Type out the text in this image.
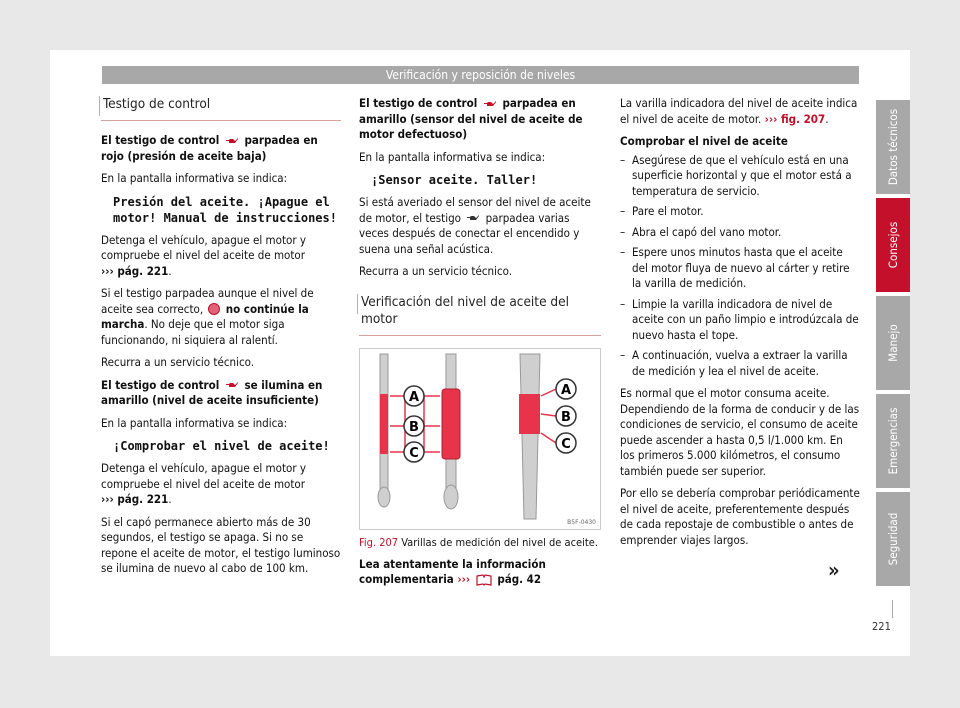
Verificación y reposición de niveles
Testigo de control

El testigo de control  parpadea en rojo (presión de aceite baja)

En la pantalla informativa se indica:

Presión del aceite. ¡Apague el motor! Manual de instrucciones!

Detenga el vehículo, apague el motor y compruebe el nivel del aceite de motor
››› pág. 221.

Si el testigo parpadea aunque el nivel de aceite sea correcto,  no continúe la marcha. No deje que el motor siga funcionando, ni siquiera al ralentí.

Recurra a un servicio técnico.

El testigo de control  se ilumina en amarillo (nivel de aceite insuficiente)

En la pantalla informativa se indica:

¡Comprobar el nivel de aceite!

Detenga el vehículo, apague el motor y compruebe el nivel del aceite de motor
››› pág. 221.

Si el capó permanece abierto más de 30 segundos, el testigo se apaga. Si no se repone el aceite de motor, el testigo luminoso se ilumina de nuevo al cabo de 100 km.

El testigo de control  parpadea en amarillo (sensor del nivel de aceite de motor defectuoso)

En la pantalla informativa se indica:

¡Sensor aceite. Taller!

Si está averiado el sensor del nivel de aceite de motor, el testigo  parpadea varias veces después de conectar el encendido y suena una señal acústica.

Recurra a un servicio técnico.

Verificación del nivel de aceite del motor
A
B
C
A
B
C
B5F-0430

Fig. 207 Varillas de medición del nivel de aceite.

Lea atentamente la información complementaria ›››  pág. 42

La varilla indicadora del nivel de aceite indica el nivel de aceite de motor. ››› fig. 207.

Comprobar el nivel de aceite

– Asegúrese de que el vehículo está en una superficie horizontal y que el motor está a temperatura de servicio.
– Pare el motor.
– Abra el capó del vano motor.
– Espere unos minutos hasta que el aceite del motor fluya de nuevo al cárter y retire la varilla de medición.
– Limpie la varilla indicadora de nivel de aceite con un paño limpio e introdúzcala de nuevo hasta el tope.
– A continuación, vuelva a extraer la varilla de medición y lea el nivel de aceite.

Es normal que el motor consuma aceite. Dependiendo de la forma de conducir y de las condiciones de servicio, el consumo de aceite puede ascender a hasta 0,5 l/1.000 km. En los primeros 5.000 kilómetros, el consumo también puede ser superior.

Por ello se debería comprobar periódicamente el nivel de aceite, preferentemente después de cada repostaje de combustible o antes de emprender viajes largos.

»
Datos técnicos
Consejos
Manejo
Emergencias
Seguridad
221
